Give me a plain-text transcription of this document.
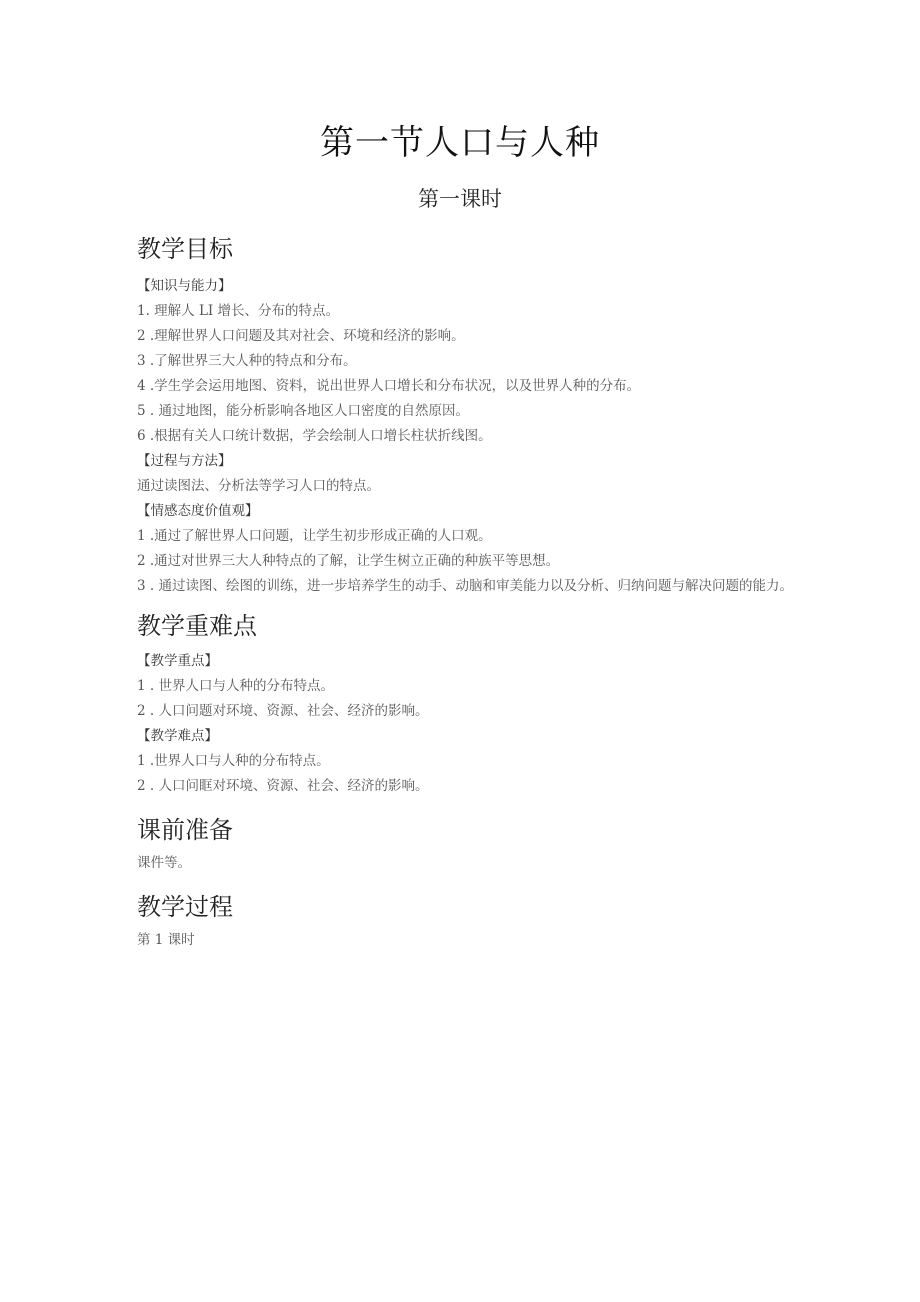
第一节人口与人种
第一课时
教学目标
【知识与能力】
1. 理解人 LI 增长、分布的特点。
2 .理解世界人口问题及其对社会、环境和经济的影响。
3 .了解世界三大人种的特点和分布。
4 .学生学会运用地图、资料，说出世界人口增长和分布状况，以及世界人种的分布。
5 . 通过地图，能分析影响各地区人口密度的自然原因。
6 .根据有关人口统计数据，学会绘制人口增长柱状折线图。
【过程与方法】
通过读图法、分析法等学习人口的特点。
【情感态度价值观】
1 .通过了解世界人口问题，让学生初步形成正确的人口观。
2 .通过对世界三大人种特点的了解，让学生树立正确的种族平等思想。
3 . 通过读图、绘图的训练，进一步培养学生的动手、动脑和审美能力以及分析、归纳问题与解决问题的能力。
教学重难点
【教学重点】
1 . 世界人口与人种的分布特点。
2 . 人口问题对环境、资源、社会、经济的影响。
【教学难点】
1 .世界人口与人种的分布特点。
2 . 人口问眶对环境、资源、社会、经济的影响。
课前准备
课件等。
教学过程
第 1 课时
